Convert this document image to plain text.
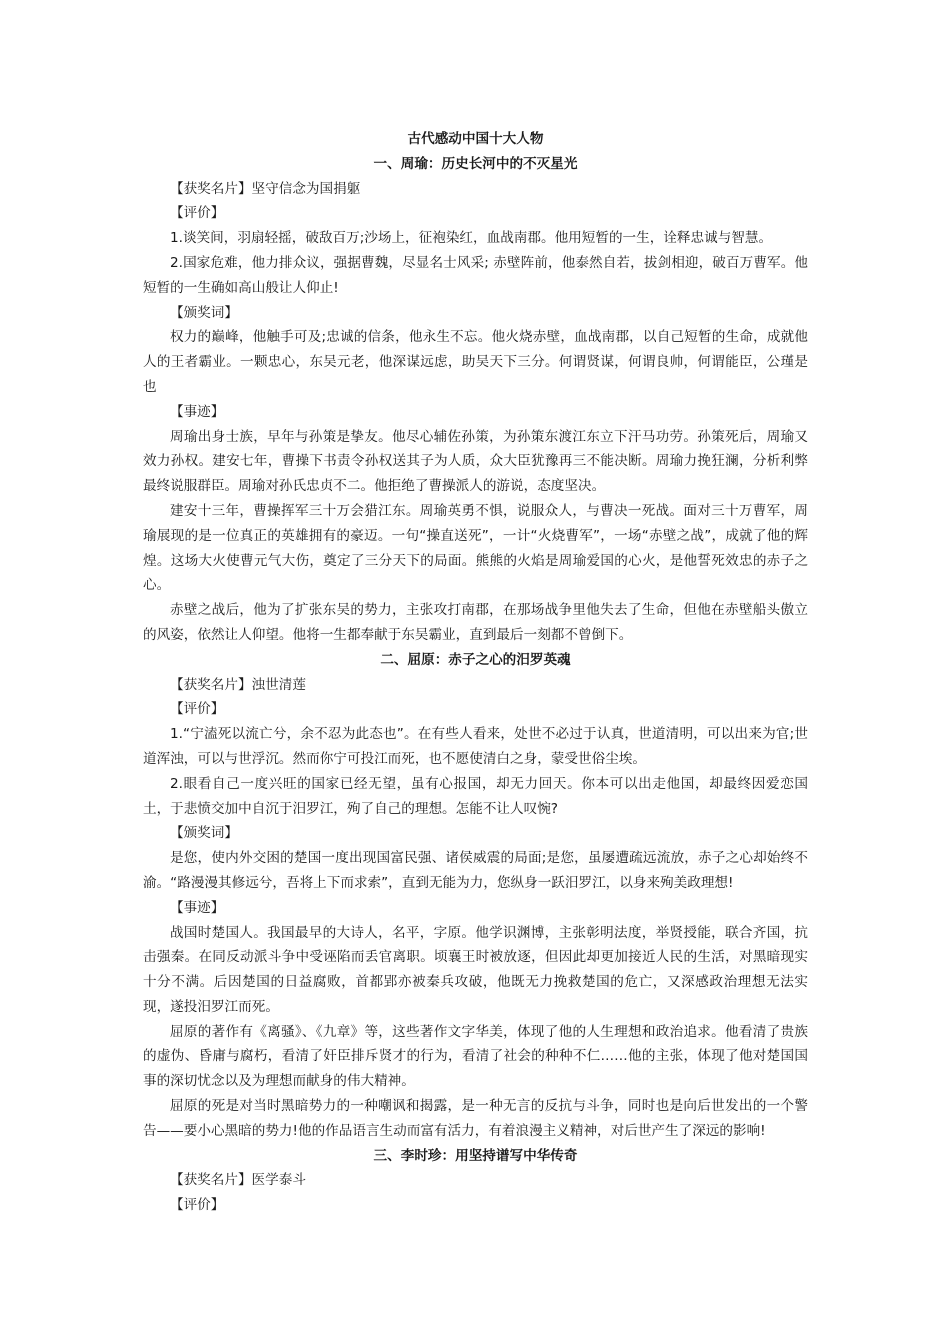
古代感动中国十大人物

一、周瑜：历史长河中的不灭星光

【获奖名片】坚守信念为国捐躯

【评价】

1.谈笑间，羽扇轻摇，破敌百万;沙场上，征袍染红，血战南郡。他用短暂的一生，诠释忠诚与智慧。

2.国家危难，他力排众议，强据曹魏，尽显名士风采; 赤壁阵前，他泰然自若，拔剑相迎，破百万曹军。他短暂的一生确如高山般让人仰止!

【颁奖词】

权力的巅峰，他触手可及;忠诚的信条，他永生不忘。他火烧赤壁，血战南郡，以自己短暂的生命，成就他人的王者霸业。一颗忠心，东吴元老，他深谋远虑，助吴天下三分。何谓贤谋，何谓良帅，何谓能臣，公瑾是也

【事迹】

周瑜出身士族，早年与孙策是挚友。他尽心辅佐孙策，为孙策东渡江东立下汗马功劳。孙策死后，周瑜又效力孙权。建安七年，曹操下书责令孙权送其子为人质，众大臣犹豫再三不能决断。周瑜力挽狂澜，分析利弊最终说服群臣。周瑜对孙氏忠贞不二。他拒绝了曹操派人的游说，态度坚决。

建安十三年，曹操挥军三十万会猎江东。周瑜英勇不惧，说服众人，与曹决一死战。面对三十万曹军，周瑜展现的是一位真正的英雄拥有的豪迈。一句“操直送死”，一计“火烧曹军”，一场“赤壁之战”，成就了他的辉煌。这场大火使曹元气大伤，奠定了三分天下的局面。熊熊的火焰是周瑜爱国的心火，是他誓死效忠的赤子之心。

赤壁之战后，他为了扩张东吴的势力，主张攻打南郡，在那场战争里他失去了生命，但他在赤壁船头傲立的风姿，依然让人仰望。他将一生都奉献于东吴霸业，直到最后一刻都不曾倒下。

二、屈原：赤子之心的汨罗英魂

【获奖名片】浊世清莲

【评价】

1.“宁溘死以流亡兮，余不忍为此态也”。在有些人看来，处世不必过于认真，世道清明，可以出来为官;世道浑浊，可以与世浮沉。然而你宁可投江而死，也不愿使清白之身，蒙受世俗尘埃。

2.眼看自己一度兴旺的国家已经无望，虽有心报国，却无力回天。你本可以出走他国，却最终因爱恋国土，于悲愤交加中自沉于汨罗江，殉了自己的理想。怎能不让人叹惋?

【颁奖词】

是您，使内外交困的楚国一度出现国富民强、诸侯威震的局面;是您，虽屡遭疏远流放，赤子之心却始终不渝。“路漫漫其修远兮，吾将上下而求索”，直到无能为力，您纵身一跃汨罗江，以身来殉美政理想!

【事迹】

战国时楚国人。我国最早的大诗人，名平，字原。他学识渊博，主张彰明法度，举贤授能，联合齐国，抗击强秦。在同反动派斗争中受诬陷而丢官离职。顷襄王时被放逐，但因此却更加接近人民的生活，对黑暗现实十分不满。后因楚国的日益腐败，首都郢亦被秦兵攻破，他既无力挽救楚国的危亡，又深感政治理想无法实现，遂投汨罗江而死。

屈原的著作有《离骚》、《九章》等，这些著作文字华美，体现了他的人生理想和政治追求。他看清了贵族的虚伪、昏庸与腐朽，看清了奸臣排斥贤才的行为，看清了社会的种种不仁……他的主张，体现了他对楚国国事的深切忧念以及为理想而献身的伟大精神。

屈原的死是对当时黑暗势力的一种嘲讽和揭露，是一种无言的反抗与斗争，同时也是向后世发出的一个警告——要小心黑暗的势力!他的作品语言生动而富有活力，有着浪漫主义精神，对后世产生了深远的影响!

三、李时珍：用坚持谱写中华传奇

【获奖名片】医学泰斗

【评价】
